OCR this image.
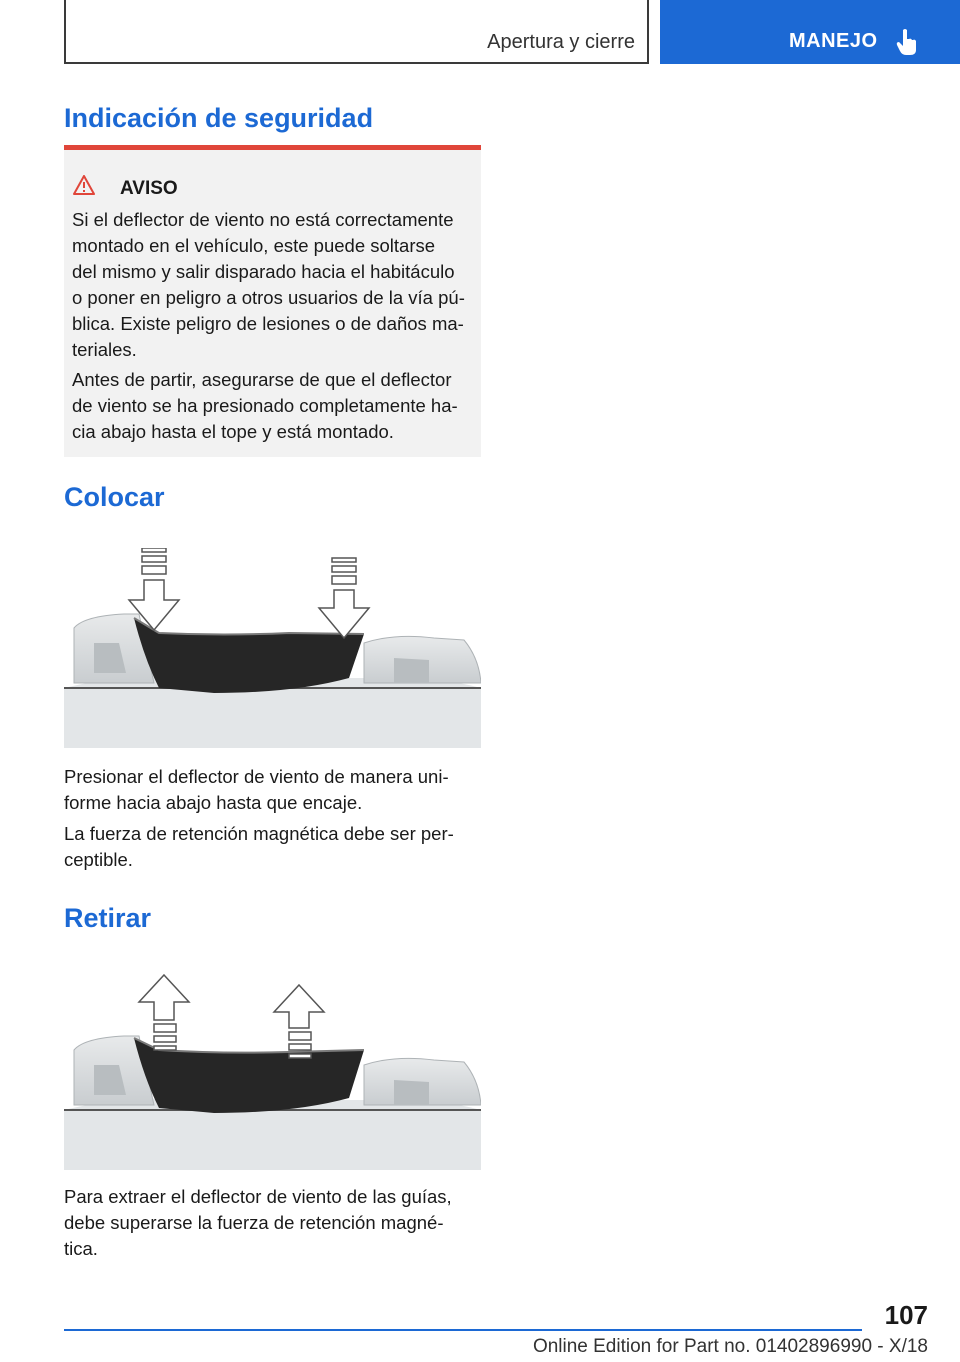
Apertura y cierre	MANEJO
Indicación de seguridad
AVISO
Si el deflector de viento no está correctamente
montado en el vehículo, este puede soltarse
del mismo y salir disparado hacia el habitáculo
o poner en peligro a otros usuarios de la vía pú-
blica. Existe peligro de lesiones o de daños ma-
teriales.
Antes de partir, asegurarse de que el deflector
de viento se ha presionado completamente ha-
cia abajo hasta el tope y está montado.
Colocar
Presionar el deflector de viento de manera uni-
forme hacia abajo hasta que encaje.
La fuerza de retención magnética debe ser per-
ceptible.
Retirar
Para extraer el deflector de viento de las guías,
debe superarse la fuerza de retención magné-
tica.
107
Online Edition for Part no. 01402896990 - X/18
